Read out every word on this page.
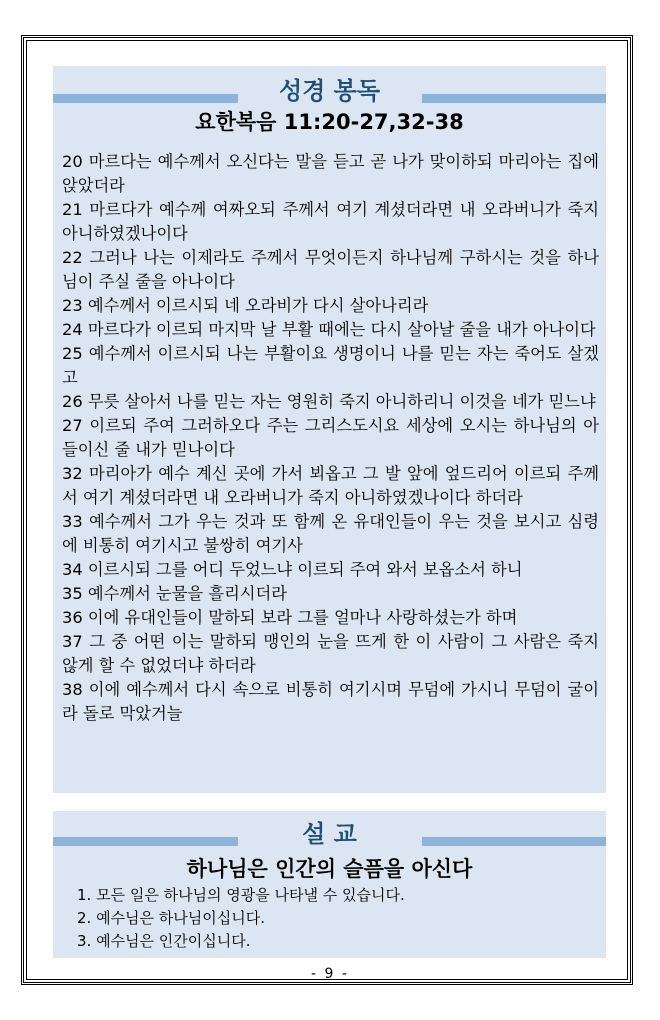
성경 봉독
요한복음 11:20-27,32-38

20 마르다는 예수께서 오신다는 말을 듣고 곧 나가 맞이하되 마리아는 집에 앉았더라

21 마르다가 예수께 여짜오되 주께서 여기 계셨더라면 내 오라버니가 죽지 아니하였겠나이다

22 그러나 나는 이제라도 주께서 무엇이든지 하나님께 구하시는 것을 하나님이 주실 줄을 아나이다

23 예수께서 이르시되 네 오라비가 다시 살아나리라

24 마르다가 이르되 마지막 날 부활 때에는 다시 살아날 줄을 내가 아나이다

25 예수께서 이르시되 나는 부활이요 생명이니 나를 믿는 자는 죽어도 살겠고

26 무릇 살아서 나를 믿는 자는 영원히 죽지 아니하리니 이것을 네가 믿느냐

27 이르되 주여 그러하오다 주는 그리스도시요 세상에 오시는 하나님의 아들이신 줄 내가 믿나이다

32 마리아가 예수 계신 곳에 가서 뵈옵고 그 발 앞에 엎드리어 이르되 주께서 여기 계셨더라면 내 오라버니가 죽지 아니하였겠나이다 하더라

33 예수께서 그가 우는 것과 또 함께 온 유대인들이 우는 것을 보시고 심령에 비통히 여기시고 불쌍히 여기사

34 이르시되 그를 어디 두었느냐 이르되 주여 와서 보옵소서 하니

35 예수께서 눈물을 흘리시더라

36 이에 유대인들이 말하되 보라 그를 얼마나 사랑하셨는가 하며

37 그 중 어떤 이는 말하되 맹인의 눈을 뜨게 한 이 사람이 그 사람은 죽지 않게 할 수 없었더냐 하더라

38 이에 예수께서 다시 속으로 비통히 여기시며 무덤에 가시니 무덤이 굴이라 돌로 막았거늘

설 교
하나님은 인간의 슬픔을 아신다

1. 모든 일은 하나님의 영광을 나타낼 수 있습니다.

2. 예수님은 하나님이십니다.

3. 예수님은 인간이십니다.

- 9 -
